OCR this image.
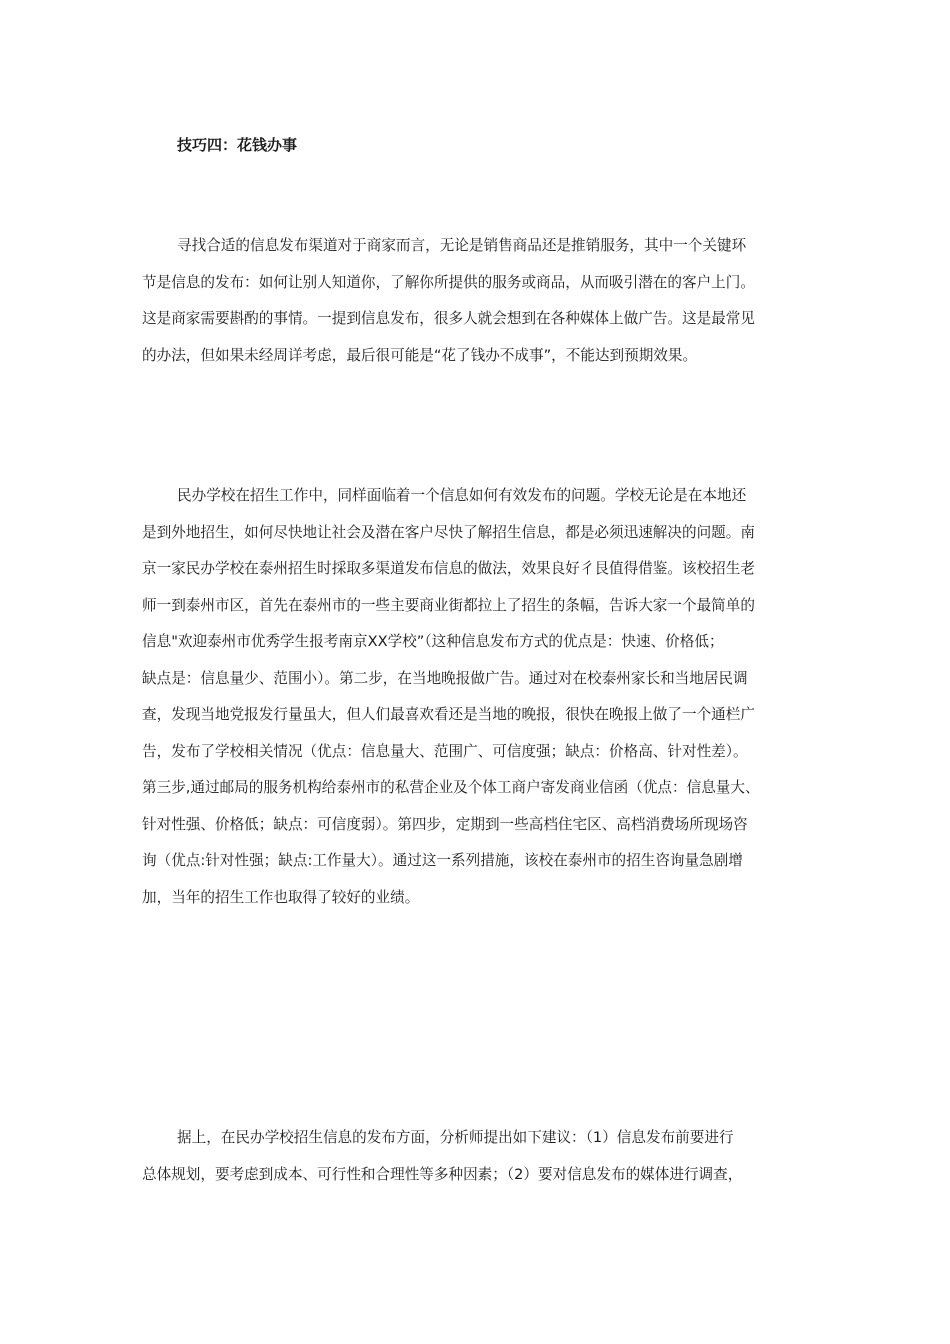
技巧四：花钱办事
寻找合适的信息发布渠道对于商家而言，无论是销售商品还是推销服务，其中一个关键环
节是信息的发布：如何让别人知道你，了解你所提供的服务或商品，从而吸引潜在的客户上门。
这是商家需要斟酌的事情。一提到信息发布，很多人就会想到在各种媒体上做广告。这是最常见
的办法，但如果未经周详考虑，最后很可能是“花了钱办不成事”，不能达到预期效果。
民办学校在招生工作中，同样面临着一个信息如何有效发布的问题。学校无论是在本地还
是到外地招生，如何尽快地让社会及潜在客户尽快了解招生信息，都是必须迅速解决的问题。南
京一家民办学校在泰州招生时採取多渠道发布信息的做法，效果良好彳艮值得借鉴。该校招生老
师一到泰州市区，首先在泰州市的一些主要商业街都拉上了招生的条幅，告诉大家一个最简单的
信息"欢迎泰州市优秀学生报考南京XX学校”（这种信息发布方式的优点是：快速、价格低；
缺点是：信息量少、范围小）。第二步，在当地晚报做广告。通过对在校泰州家长和当地居民调
查，发现当地党报发行量虽大，但人们最喜欢看还是当地的晚报，很快在晚报上做了一个通栏广
告，发布了学校相关情况（优点：信息量大、范围广、可信度强；缺点：价格高、针对性差）。
第三步,通过邮局的服务机构给泰州市的私营企业及个体工商户寄发商业信函（优点：信息量大、
针对性强、价格低；缺点：可信度弱）。第四步，定期到一些高档住宅区、高档消费场所现场咨
询（优点:针对性强；缺点:工作量大）。通过这一系列措施，该校在泰州市的招生咨询量急剧增
加，当年的招生工作也取得了较好的业绩。
据上，在民办学校招生信息的发布方面，分析师提出如下建议：（1）信息发布前要进行
总体规划，要考虑到成本、可行性和合理性等多种因素；（2）要对信息发布的媒体进行调查，
